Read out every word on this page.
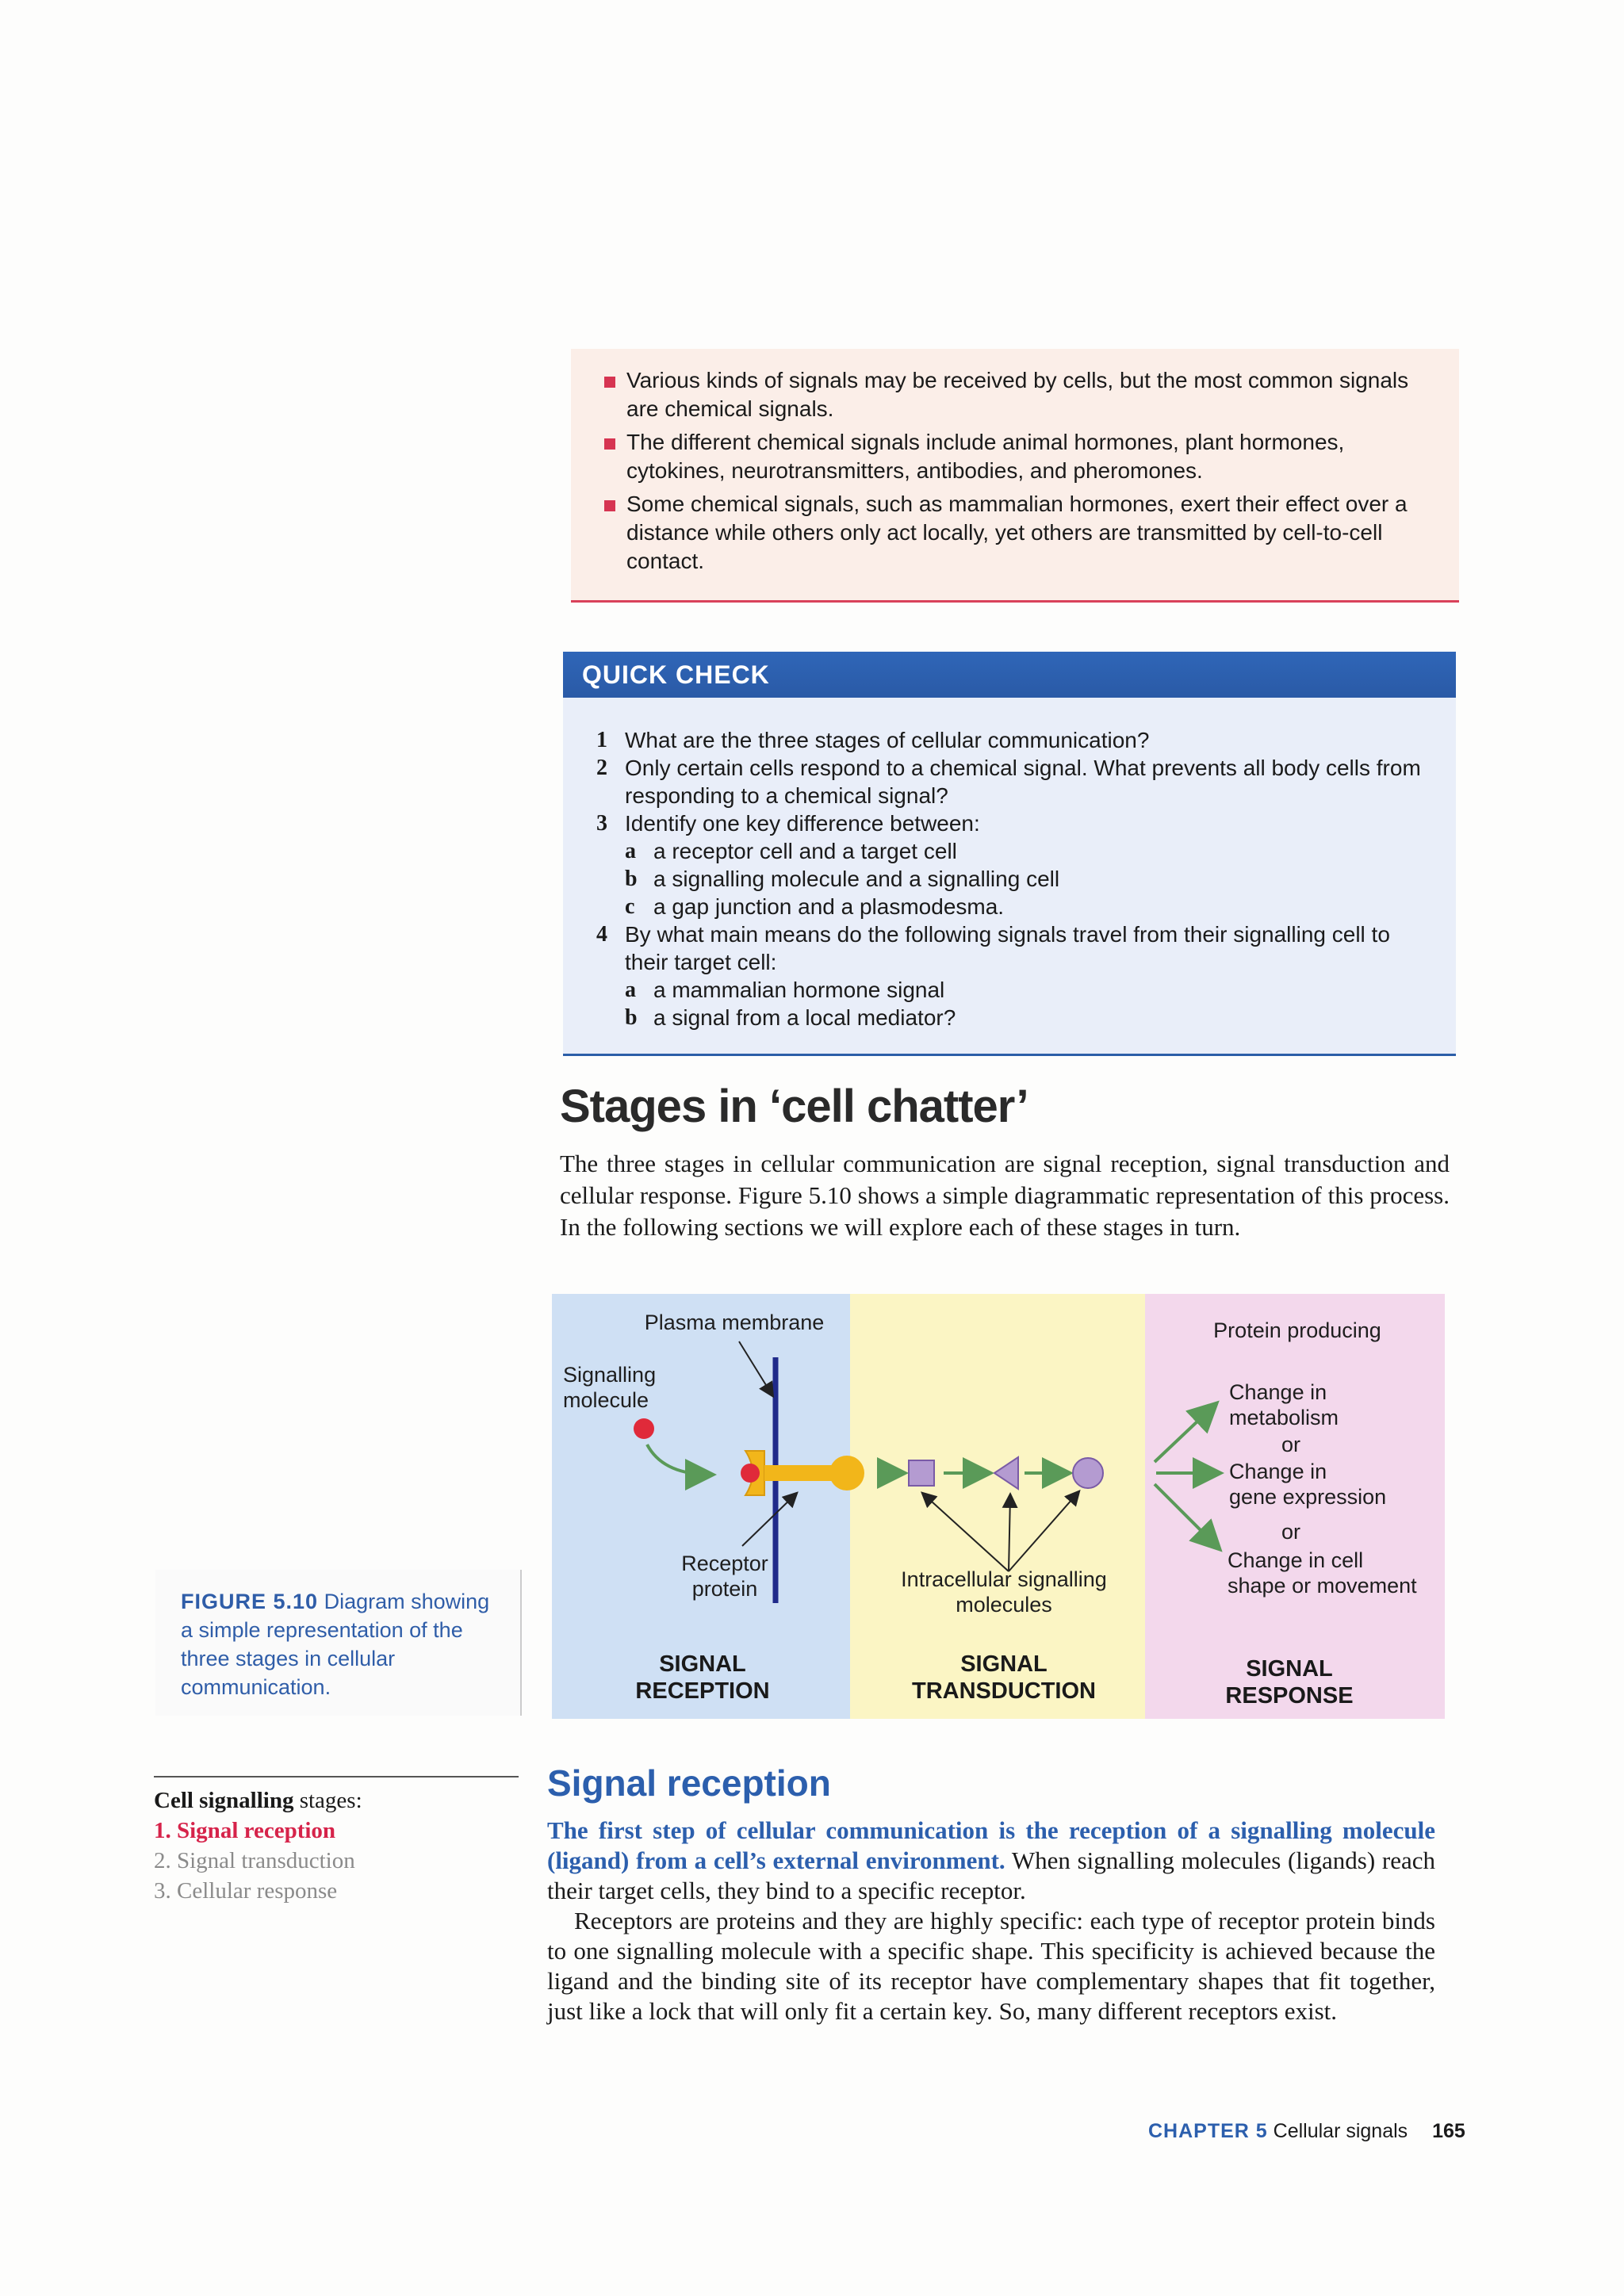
Various kinds of signals may be received by cells, but the most common signals are chemical signals.
The different chemical signals include animal hormones, plant hormones, cytokines, neurotransmitters, antibodies, and pheromones.
Some chemical signals, such as mammalian hormones, exert their effect over a distance while others only act locally, yet others are transmitted by cell-to-cell contact.
QUICK CHECK
1 What are the three stages of cellular communication?
2 Only certain cells respond to a chemical signal. What prevents all body cells from responding to a chemical signal?
3 Identify one key difference between:
a a receptor cell and a target cell
b a signalling molecule and a signalling cell
c a gap junction and a plasmodesma.
4 By what main means do the following signals travel from their signalling cell to their target cell:
a a mammalian hormone signal
b a signal from a local mediator?
Stages in ‘cell chatter’
The three stages in cellular communication are signal reception, signal transduction and cellular response. Figure 5.10 shows a simple diagrammatic representation of this process. In the following sections we will explore each of these stages in turn.
Plasma membrane
Signalling
molecule
Receptor
protein	Intracellular signalling
molecules
Protein producing
Change in
metabolism
or
Change in
gene expression
or
Change in cell
shape or movement
SIGNAL
RECEPTION
SIGNAL
TRANSDUCTION
SIGNAL
RESPONSE
FIGURE 5.10 Diagram showing a simple representation of the three stages in cellular communication.
Cell signalling stages:
1. Signal reception
2. Signal transduction
3. Cellular response
Signal reception

The first step of cellular communication is the reception of a signalling molecule (ligand) from a cell’s external environment. When signalling molecules (ligands) reach their target cells, they bind to a specific receptor.

Receptors are proteins and they are highly specific: each type of receptor protein binds to one signalling molecule with a specific shape. This specificity is achieved because the ligand and the binding site of its receptor have complementary shapes that fit together, just like a lock that will only fit a certain key. So, many different receptors exist.

CHAPTER 5 Cellular signals 165
